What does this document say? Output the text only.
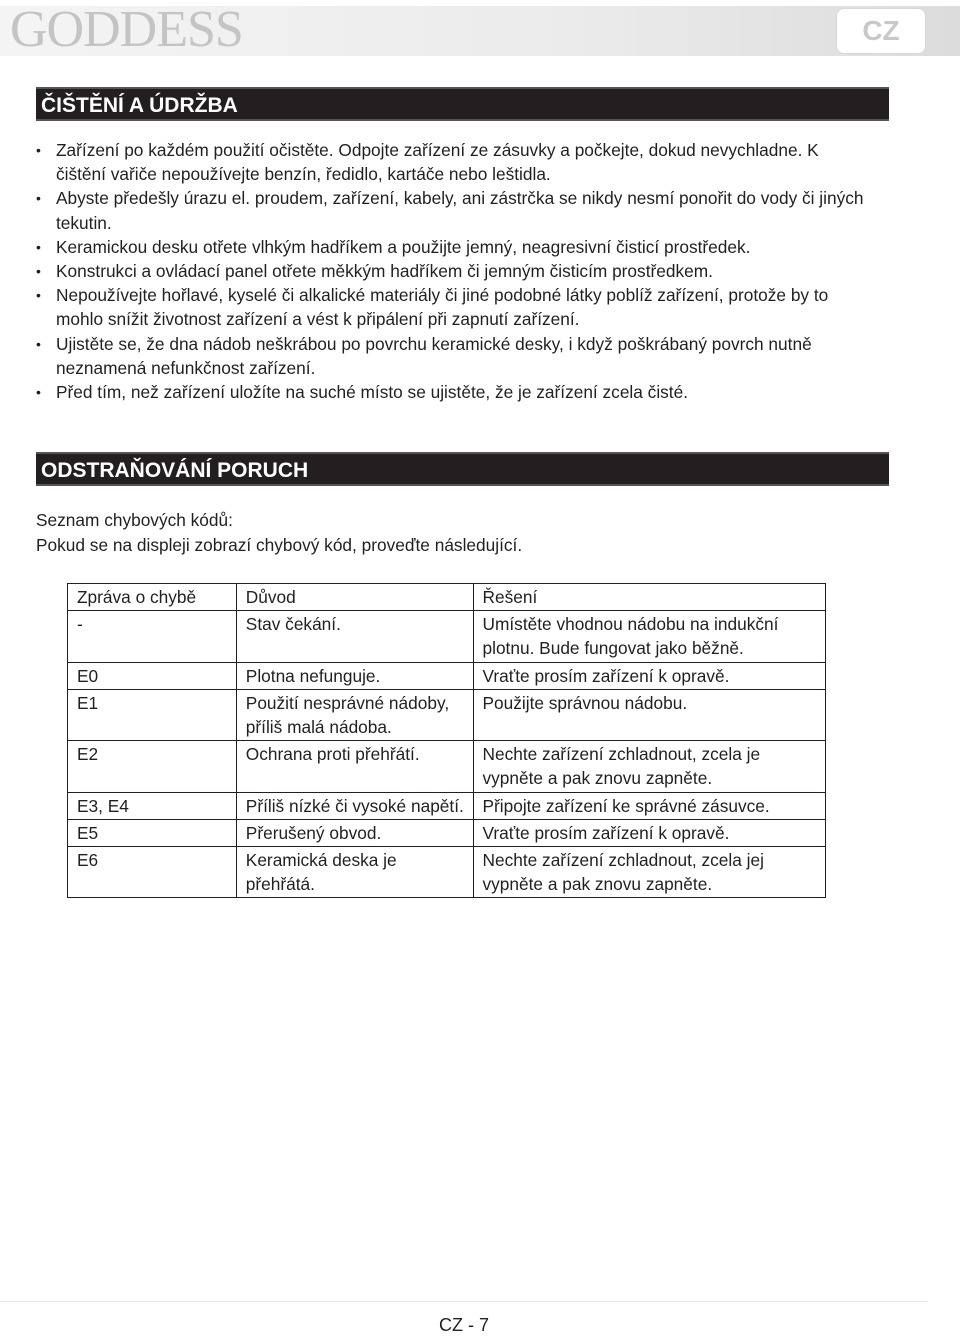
GODDESS	CZ
ČIŠTĚNÍ A ÚDRŽBA
• Zařízení po každém použití očistěte. Odpojte zařízení ze zásuvky a počkejte, dokud nevychladne. K čištění vařiče nepoužívejte benzín, ředidlo, kartáče nebo leštidla.
• Abyste předešly úrazu el. proudem, zařízení, kabely, ani zástrčka se nikdy nesmí ponořit do vody či jiných tekutin.
• Keramickou desku otřete vlhkým hadříkem a použijte jemný, neagresivní čisticí prostředek.
• Konstrukci a ovládací panel otřete měkkým hadříkem či jemným čisticím prostředkem.
• Nepoužívejte hořlavé, kyselé či alkalické materiály či jiné podobné látky poblíž zařízení, protože by to mohlo snížit životnost zařízení a vést k připálení při zapnutí zařízení.
• Ujistěte se, že dna nádob neškrábou po povrchu keramické desky, i když poškrábaný povrch nutně neznamená nefunkčnost zařízení.
• Před tím, než zařízení uložíte na suché místo se ujistěte, že je zařízení zcela čisté.
ODSTRAŇOVÁNÍ PORUCH
Seznam chybových kódů:
Pokud se na displeji zobrazí chybový kód, proveďte následující.
Zpráva o chybě	Důvod	Řešení
-	Stav čekání.	Umístěte vhodnou nádobu na indukční plotnu. Bude fungovat jako běžně.
E0	Plotna nefunguje.	Vraťte prosím zařízení k opravě.
E1	Použití nesprávné nádoby, příliš malá nádoba.	Použijte správnou nádobu.
E2	Ochrana proti přehřátí.	Nechte zařízení zchladnout, zcela je vypněte a pak znovu zapněte.
E3, E4	Příliš nízké či vysoké napětí.	Připojte zařízení ke správné zásuvce.
E5	Přerušený obvod.	Vraťte prosím zařízení k opravě.
E6	Keramická deska je přehřátá.	Nechte zařízení zchladnout, zcela jej vypněte a pak znovu zapněte.
CZ - 7
